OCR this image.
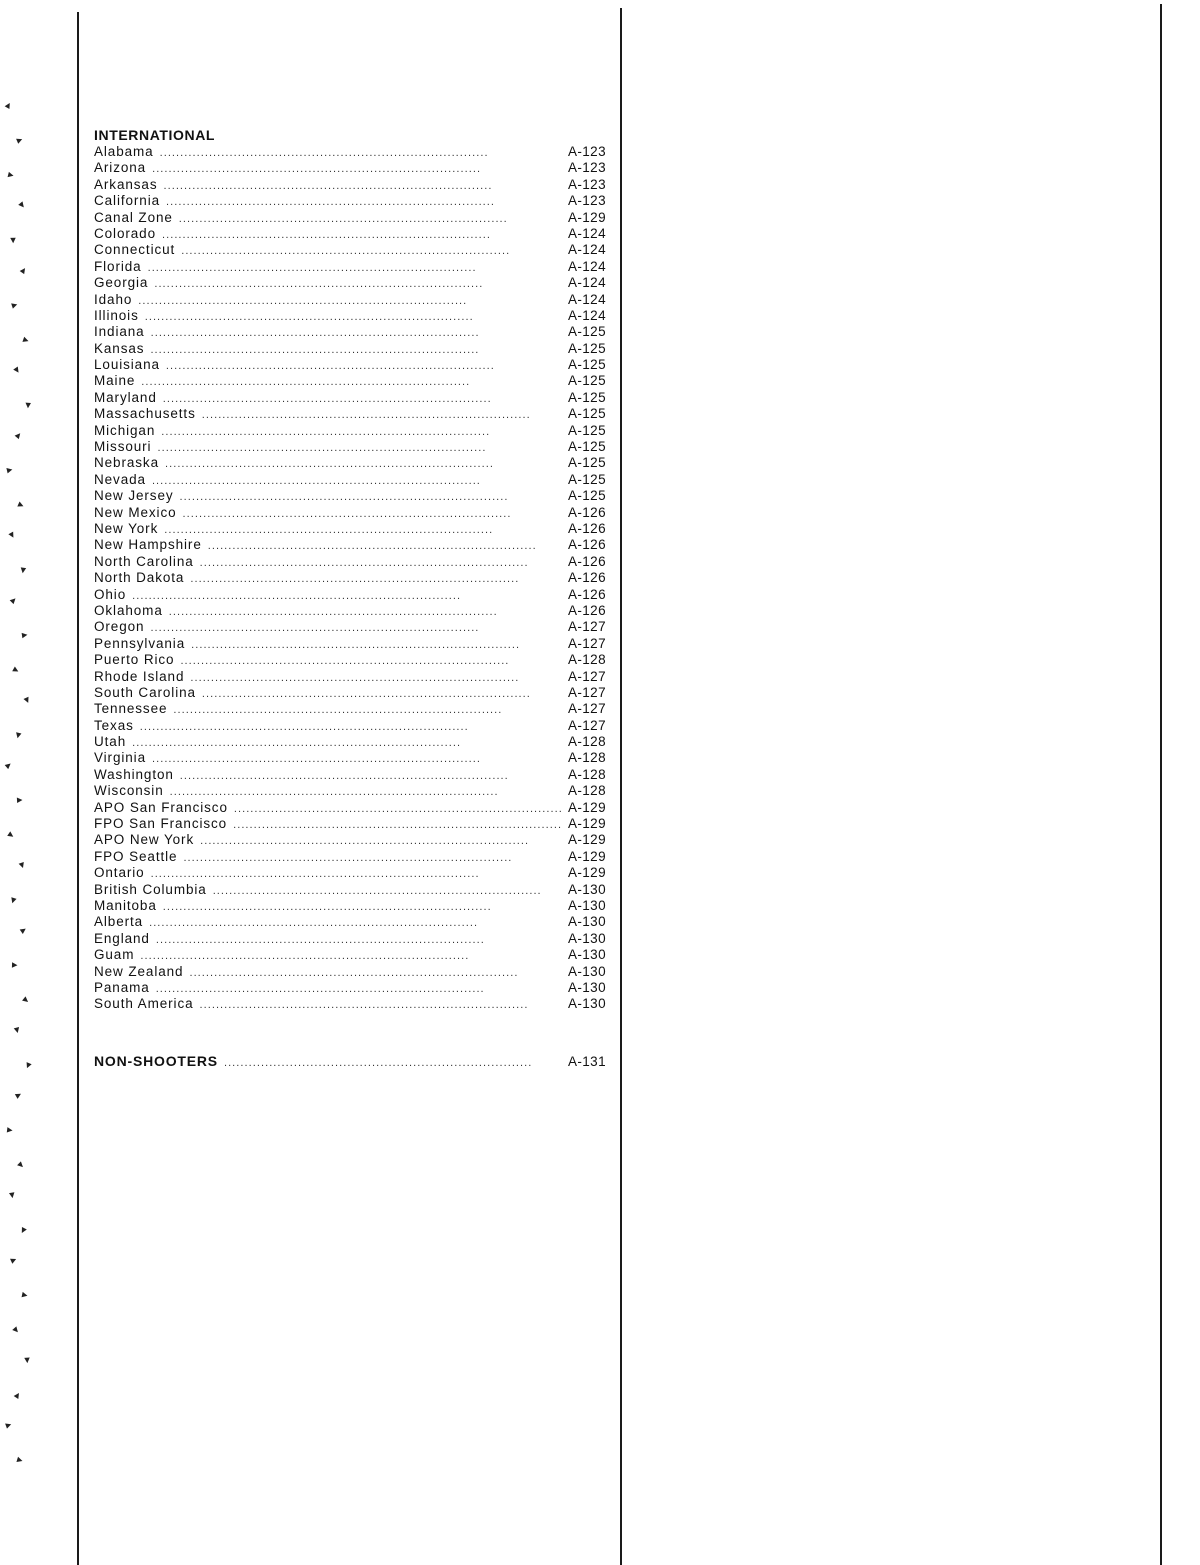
▸
▸
▸
▸
▸
▸
▸
▸
▸
▸
▸
▸
▸
▸
▸
▸
▸
▸
▸
▸
▸
▸
▸
▸
▸
▸
▸
▸
▸
▸
▸
▸
▸
▸
▸
▸
▸
▸
▸
▸
▸
▸
INTERNATIONAL
Alabama . . .	A-123
Arizona . . .	A-123
Arkansas . . .	A-123
California . . .	A-123
Canal Zone . . .	A-129
Colorado . . .	A-124
Connecticut . . .	A-124
Florida . . .	A-124
Georgia . . .	A-124
Idaho . . .	A-124
Illinois . . .	A-124
Indiana . . .	A-125
Kansas . . .	A-125
Louisiana . . .	A-125
Maine . . .	A-125
Maryland . . .	A-125
Massachusetts . . .	A-125
Michigan . . .	A-125
Missouri . . .	A-125
Nebraska . . .	A-125
Nevada . . .	A-125
New Jersey . . .	A-125
New Mexico . . .	A-126
New York . . .	A-126
New Hampshire . . .	A-126
North Carolina . . .	A-126
North Dakota . . .	A-126
Ohio . . .	A-126
Oklahoma . . .	A-126
Oregon . . .	A-127
Pennsylvania . . .	A-127
Puerto Rico . . .	A-128
Rhode Island . . .	A-127
South Carolina . . .	A-127
Tennessee . . .	A-127
Texas . . .	A-127
Utah . . .	A-128
Virginia . . .	A-128
Washington . . .	A-128
Wisconsin . . .	A-128
APO San Francisco . . .	A-129
FPO San Francisco . . .	A-129
APO New York . . .	A-129
FPO Seattle . . .	A-129
Ontario . . .	A-129
British Columbia . . .	A-130
Manitoba . . .	A-130
Alberta . . .	A-130
England . . .	A-130
Guam . . .	A-130
New Zealand . . .	A-130
Panama . . .	A-130
South America . . .	A-130
NON-SHOOTERS . . .	A-131
